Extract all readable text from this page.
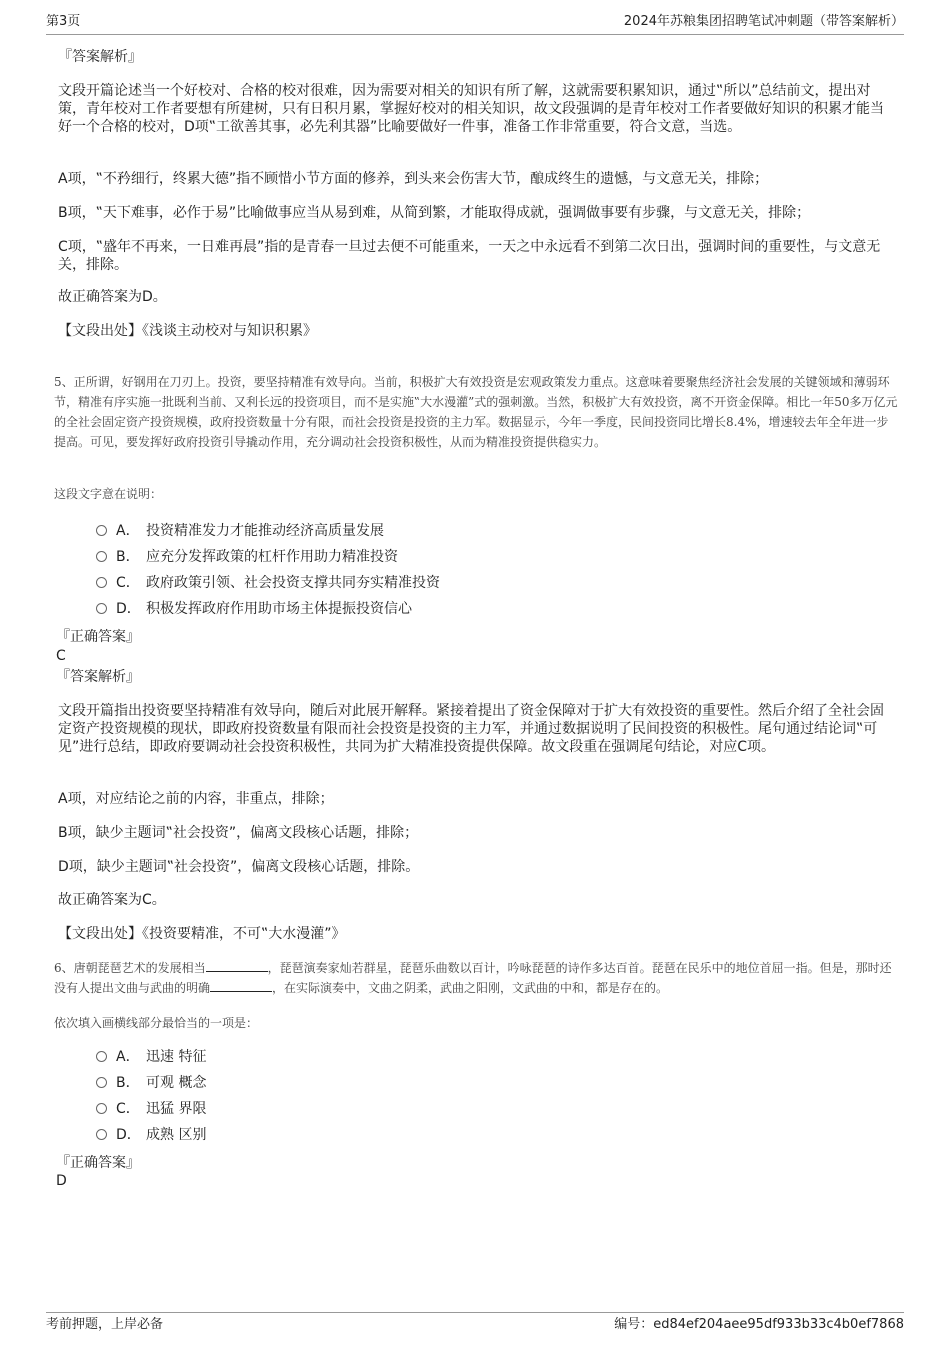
第3页	2024年苏粮集团招聘笔试冲刺题（带答案解析）
『答案解析』
文段开篇论述当一个好校对、合格的校对很难，因为需要对相关的知识有所了解，这就需要积累知识，通过‟所以”总结前文，提出对策，青年校对工作者要想有所建树，只有日积月累，掌握好校对的相关知识，故文段强调的是青年校对工作者要做好知识的积累才能当好一个合格的校对，D项‟工欲善其事，必先利其器”比喻要做好一件事，准备工作非常重要，符合文意，当选。
A项，‟不矜细行，终累大德”指不顾惜小节方面的修养，到头来会伤害大节，酿成终生的遗憾，与文意无关，排除；
B项，‟天下难事，必作于易”比喻做事应当从易到难，从简到繁，才能取得成就，强调做事要有步骤，与文意无关，排除；
C项，‟盛年不再来，一日难再晨”指的是青春一旦过去便不可能重来，一天之中永远看不到第二次日出，强调时间的重要性，与文意无关，排除。
故正确答案为D。
【文段出处】《浅谈主动校对与知识积累》
5、正所谓，好钢用在刀刃上。投资，要坚持精准有效导向。当前，积极扩大有效投资是宏观政策发力重点。这意味着要聚焦经济社会发展的关键领域和薄弱环节，精准有序实施一批既利当前、又利长远的投资项目，而不是实施‟大水漫灌”式的强刺激。当然，积极扩大有效投资，离不开资金保障。相比一年50多万亿元的全社会固定资产投资规模，政府投资数量十分有限，而社会投资是投资的主力军。数据显示，今年一季度，民间投资同比增长8.4%，增速较去年全年进一步提高。可见，要发挥好政府投资引导撬动作用，充分调动社会投资积极性，从而为精准投资提供稳实力。
这段文字意在说明：
A． 投资精准发力才能推动经济高质量发展
B． 应充分发挥政策的杠杆作用助力精准投资
C． 政府政策引领、社会投资支撑共同夯实精准投资
D． 积极发挥政府作用助市场主体提振投资信心
『正确答案』
C
『答案解析』
文段开篇指出投资要坚持精准有效导向，随后对此展开解释。紧接着提出了资金保障对于扩大有效投资的重要性。然后介绍了全社会固定资产投资规模的现状，即政府投资数量有限而社会投资是投资的主力军，并通过数据说明了民间投资的积极性。尾句通过结论词‟可见”进行总结，即政府要调动社会投资积极性，共同为扩大精准投资提供保障。故文段重在强调尾句结论，对应C项。
A项，对应结论之前的内容，非重点，排除；
B项，缺少主题词‟社会投资”，偏离文段核心话题，排除；
D项，缺少主题词‟社会投资”，偏离文段核心话题，排除。
故正确答案为C。
【文段出处】《投资要精准，不可‟大水漫灌”》
6、唐朝琵琶艺术的发展相当	，琵琶演奏家灿若群星，琵琶乐曲数以百计，吟咏琵琶的诗作多达百首。琵琶在民乐中的地位首屈一指。但是，那时还没有人提出文曲与武曲的明确	，在实际演奏中，文曲之阴柔，武曲之阳刚，文武曲的中和，都是存在的。
依次填入画横线部分最恰当的一项是：
A． 迅速 特征
B． 可观 概念
C． 迅猛 界限
D． 成熟 区别
『正确答案』
D
考前押题，上岸必备	编号：ed84ef204aee95df933b33c4b0ef7868
